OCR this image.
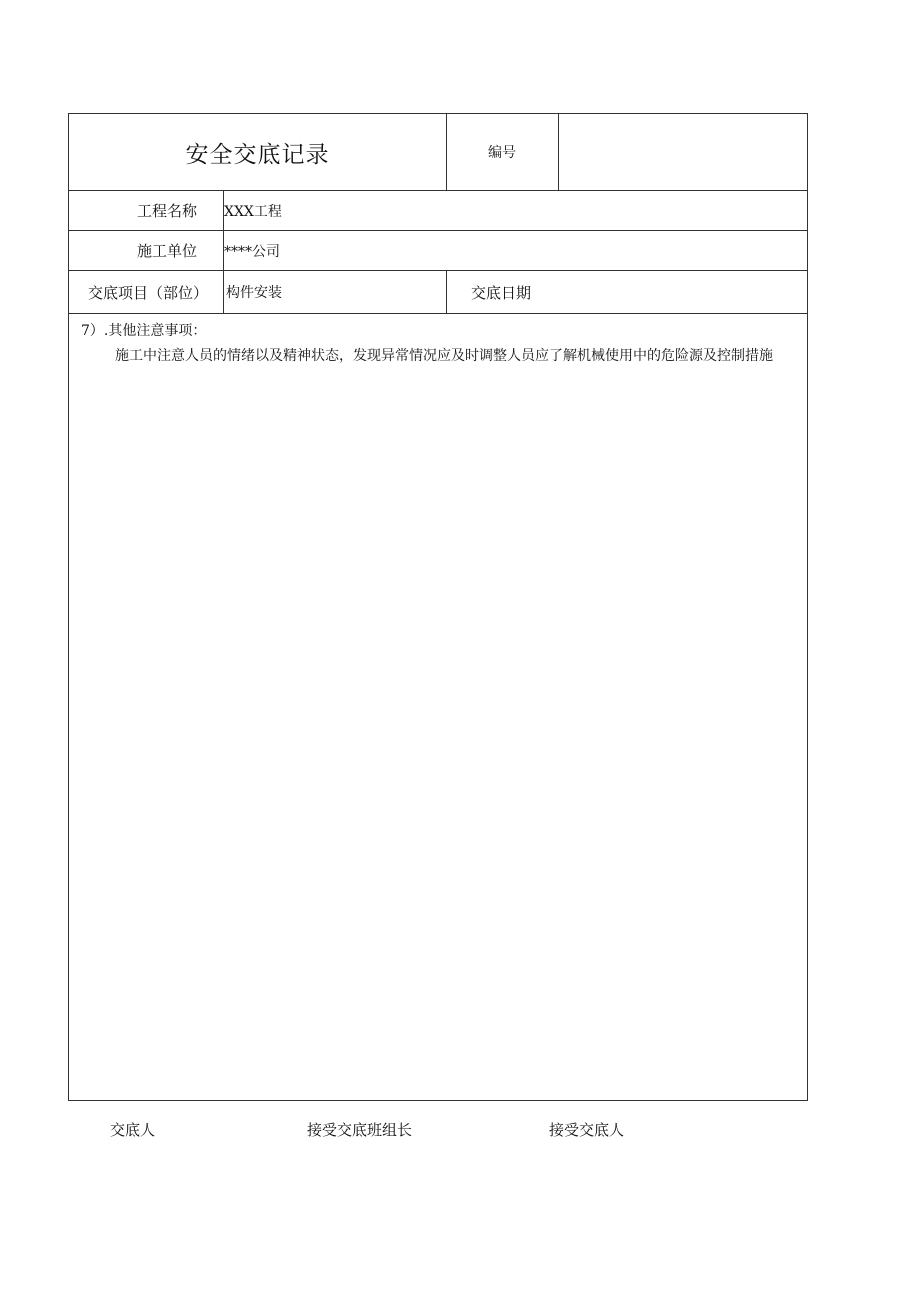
安全交底记录	编号
工程名称	XXX工程
施工单位	****公司
交底项目（部位）	构件安装	交底日期
7）.其他注意事项：
施工中注意人员的情绪以及精神状态，发现异常情况应及时调整人员应了解机械使用中的危险源及控制措施
交底人	接受交底班组长	接受交底人
